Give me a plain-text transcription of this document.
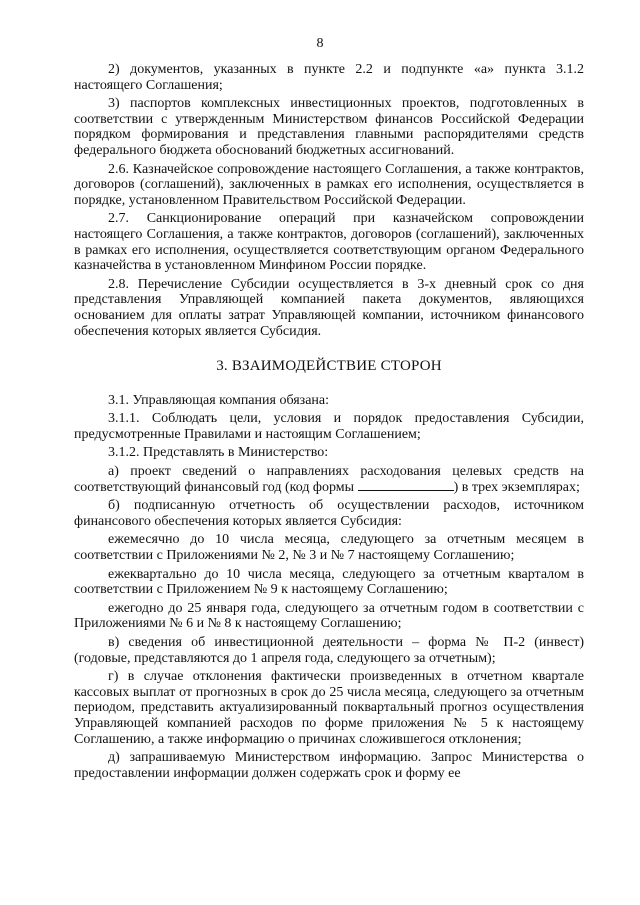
8

2) документов, указанных в пункте 2.2 и подпункте «а» пункта 3.1.2 настоящего Соглашения;

3) паспортов комплексных инвестиционных проектов, подготовленных в соответствии с утвержденным Министерством финансов Российской Федерации порядком формирования и представления главными распорядителями средств федерального бюджета обоснований бюджетных ассигнований.

2.6. Казначейское сопровождение настоящего Соглашения, а также контрактов, договоров (соглашений), заключенных в рамках его исполнения, осуществляется в порядке, установленном Правительством Российской Федерации.

2.7. Санкционирование операций при казначейском сопровождении настоящего Соглашения, а также контрактов, договоров (соглашений), заключенных в рамках его исполнения, осуществляется соответствующим органом Федерального казначейства в установленном Минфином России порядке.

2.8. Перечисление Субсидии осуществляется в 3-х дневный срок со дня представления Управляющей компанией пакета документов, являющихся основанием для оплаты затрат Управляющей компании, источником финансового обеспечения которых является Субсидия.

3. ВЗАИМОДЕЙСТВИЕ СТОРОН

3.1. Управляющая компания обязана:

3.1.1. Соблюдать цели, условия и порядок предоставления Субсидии, предусмотренные Правилами и настоящим Соглашением;

3.1.2. Представлять в Министерство:

а) проект сведений о направлениях расходования целевых средств на соответствующий финансовый год (код формы	) в трех экземплярах;

б) подписанную отчетность об осуществлении расходов, источником финансового обеспечения которых является Субсидия:

ежемесячно до 10 числа месяца, следующего за отчетным месяцем в соответствии с Приложениями № 2, № 3 и № 7 настоящему Соглашению;

ежеквартально до 10 числа месяца, следующего за отчетным кварталом в соответствии с Приложением № 9 к настоящему Соглашению;

ежегодно до 25 января года, следующего за отчетным годом в соответствии с Приложениями № 6 и № 8 к настоящему Соглашению;

в) сведения об инвестиционной деятельности – форма № П-2 (инвест) (годовые, представляются до 1 апреля года, следующего за отчетным);

г) в случае отклонения фактически произведенных в отчетном квартале кассовых выплат от прогнозных в срок до 25 числа месяца, следующего за отчетным периодом, представить актуализированный поквартальный прогноз осуществления Управляющей компанией расходов по форме приложения № 5 к настоящему Соглашению, а также информацию о причинах сложившегося отклонения;

д) запрашиваемую Министерством информацию. Запрос Министерства о предоставлении информации должен содержать срок и форму ее
